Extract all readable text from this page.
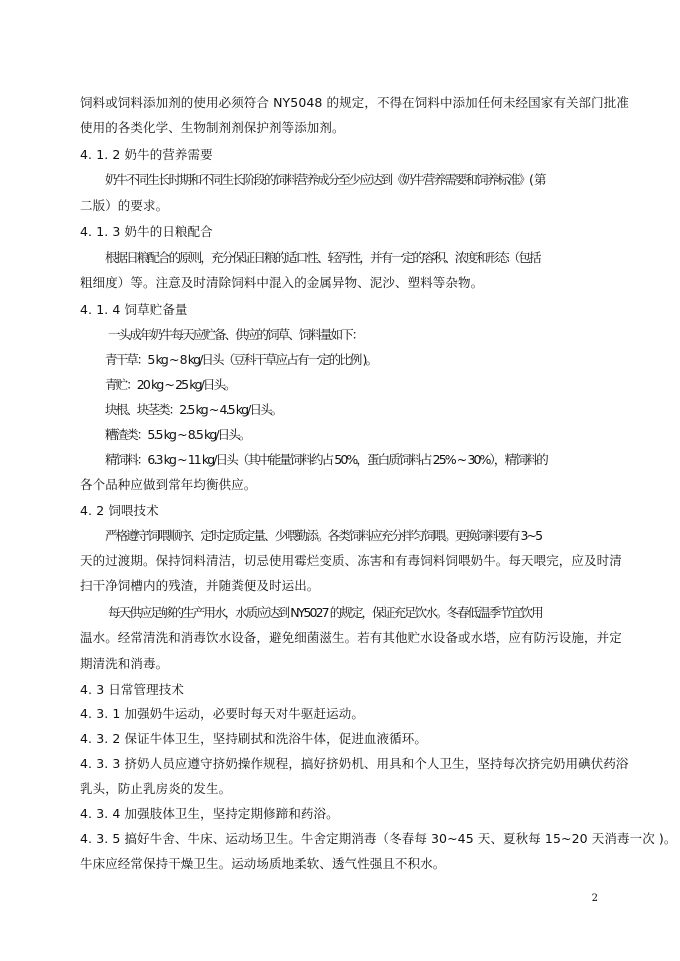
饲料或饲料添加剂的使用必须符合 NY5048 的规定，不得在饲料中添加任何未经国家有关部门批准
使用的各类化学、生物制剂剂保护剂等添加剂。
4. 1. 2 奶牛的营养需要
奶牛不同生长时期和不同生长阶段的饲料营养成分至少应达到《奶牛营养需要和饲养标准》( 第
二版）的要求。
4. 1. 3 奶牛的日粮配合
根据日粮配合的原则，充分保证日粮的适口性、轻泻性，并有一定的容积、浓度和形态（包括
粗细度）等。注意及时清除饲料中混入的金属异物、泥沙、塑料等杂物。
4. 1. 4 饲草贮备量
一头成年奶牛每天应贮备、供应的饲草、饲料量如下：
青干草：5 kg ~ 8 kg/日头（豆科干草应占有一定的比例 )。
青贮：20 kg ~ 25 kg/日头。
块根、块茎类：2.5 kg ~ 4.5 kg/日头。
糟渣类：5.5 kg ~ 8.5 kg/日头。
精饲料：6.3 kg ~ 11 kg/日头（其中能量饲料约占 50%，蛋白质饲料占 25% ~ 30%），精饲料的
各个品种应做到常年均衡供应。
4. 2 饲喂技术
严格遵守饲喂顺序、定时定质定量、少喂勤添。各类饲料应充分拌匀饲喂。更换饲料要有 3~5
天的过渡期。保持饲料清洁，切忌使用霉烂变质、冻害和有毒饲料饲喂奶牛。每天喂完，应及时清
扫干净饲槽内的残渣，并随粪便及时运出。
每天供应足够的生产用水，水质应达到 NY5027 的规定，保证充足饮水。冬春低温季节宜饮用
温水。经常清洗和消毒饮水设备，避免细菌滋生。若有其他贮水设备或水塔，应有防污设施，并定
期清洗和消毒。
4. 3 日常管理技术
4. 3. 1 加强奶牛运动，必要时每天对牛驱赶运动。
4. 3. 2 保证牛体卫生，坚持刷拭和洗浴牛体，促进血液循环。
4. 3. 3 挤奶人员应遵守挤奶操作规程，搞好挤奶机、用具和个人卫生，坚持每次挤完奶用碘伏药浴
乳头，防止乳房炎的发生。
4. 3. 4 加强肢体卫生，坚持定期修蹄和药浴。
4. 3. 5 搞好牛舍、牛床、运动场卫生。牛舍定期消毒（冬春每 30~45 天、夏秋每 15~20 天消毒一次 )。
牛床应经常保持干燥卫生。运动场质地柔软、透气性强且不积水。
2
